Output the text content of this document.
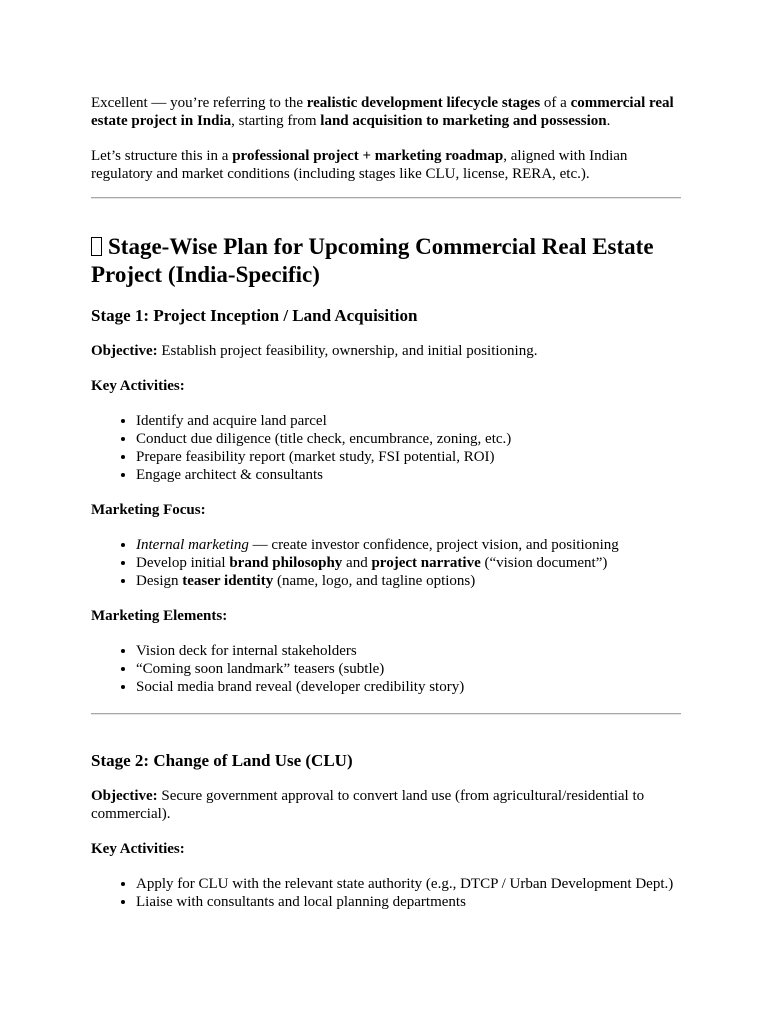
Excellent — you’re referring to the realistic development lifecycle stages of a commercial real estate project in India, starting from land acquisition to marketing and possession.

Let’s structure this in a professional project + marketing roadmap, aligned with Indian regulatory and market conditions (including stages like CLU, license, RERA, etc.).

Stage-Wise Plan for Upcoming Commercial Real Estate Project (India-Specific)
Stage 1: Project Inception / Land Acquisition

Objective: Establish project feasibility, ownership, and initial positioning.

Key Activities:

• Identify and acquire land parcel
• Conduct due diligence (title check, encumbrance, zoning, etc.)
• Prepare feasibility report (market study, FSI potential, ROI)
• Engage architect & consultants

Marketing Focus:

• Internal marketing — create investor confidence, project vision, and positioning
• Develop initial brand philosophy and project narrative (“vision document”)
• Design teaser identity (name, logo, and tagline options)

Marketing Elements:

• Vision deck for internal stakeholders
• “Coming soon landmark” teasers (subtle)
• Social media brand reveal (developer credibility story)
Stage 2: Change of Land Use (CLU)

Objective: Secure government approval to convert land use (from agricultural/residential to commercial).

Key Activities:

• Apply for CLU with the relevant state authority (e.g., DTCP / Urban Development Dept.)
• Liaise with consultants and local planning departments
